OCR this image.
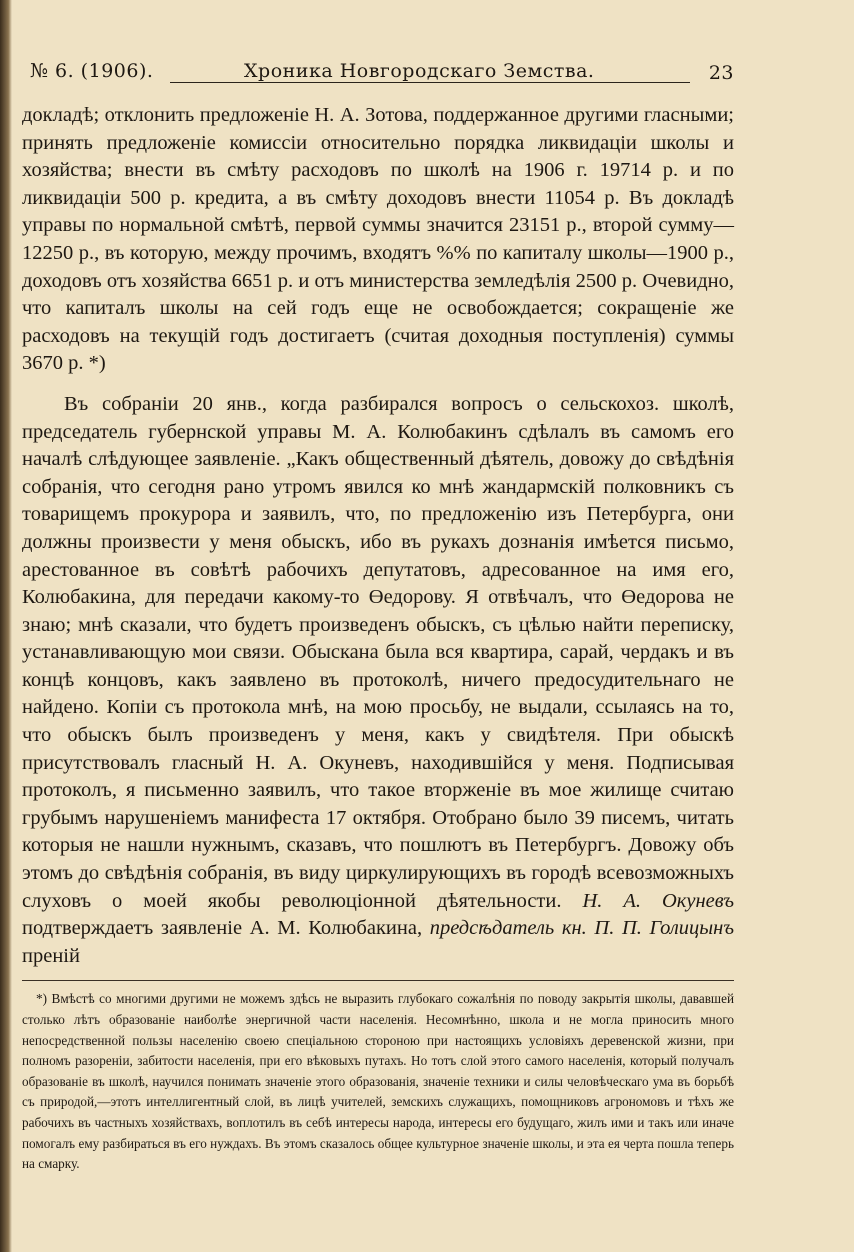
№ 6. (1906).	Хроника Новгородскаго Земства.	23

докладѣ; отклонить предложенiе Н. А. Зотова, поддержанное другими гласными; принять предложенiе комиссiи относительно порядка ликвидацiи школы и хозяйства; внести въ смѣту расходовъ по школѣ на 1906 г. 19714 р. и по ликвидацiи 500 р. кредита, а въ смѣту доходовъ внести 11054 р. Въ докладѣ управы по нормальной смѣтѣ, первой суммы значится 23151 р., второй сумму—12250 р., въ которую, между прочимъ, входятъ %% по капиталу школы—1900 р., доходовъ отъ хозяйства 6651 р. и отъ министерства земледѣлiя 2500 р. Очевидно, что капиталъ школы на сей годъ еще не освобождается; сокращенiе же расходовъ на текущiй годъ достигаетъ (считая доходныя поступленiя) суммы 3670 р. *)

Въ собранiи 20 янв., когда разбирался вопросъ о сельскохоз. школѣ, председатель губернской управы М. А. Колюбакинъ сдѣлалъ въ самомъ его началѣ слѣдующее заявленiе. „Какъ общественный дѣятель, довожу до свѣдѣнiя собранiя, что сегодня рано утромъ явился ко мнѣ жандармскiй полковникъ съ товарищемъ прокурора и заявилъ, что, по предложенiю изъ Петербурга, они должны произвести у меня обыскъ, ибо въ рукахъ дознанiя имѣется письмо, арестованное въ совѣтѣ рабочихъ депутатовъ, адресованное на имя его, Колюбакина, для передачи какому-то Өедорову. Я отвѣчалъ, что Өедорова не знаю; мнѣ сказали, что будетъ произведенъ обыскъ, съ цѣлью найти переписку, устанавливающую мои связи. Обыскана была вся квартира, сарай, чердакъ и въ концѣ концовъ, какъ заявлено въ протоколѣ, ничего предосудительнаго не найдено. Копiи съ протокола мнѣ, на мою просьбу, не выдали, ссылаясь на то, что обыскъ былъ произведенъ у меня, какъ у свидѣтеля. При обыскѣ присутствовалъ гласный Н. А. Окуневъ, находившiйся у меня. Подписывая протоколъ, я письменно заявилъ, что такое вторженiе въ мое жилище считаю грубымъ нарушенiемъ манифеста 17 октября. Отобрано было 39 писемъ, читать которыя не нашли нужнымъ, сказавъ, что пошлютъ въ Петербургъ. Довожу объ этомъ до свѣдѣнiя собранiя, въ виду циркулирующихъ въ городѣ всевозможныхъ слуховъ о моей якобы революцiонной дѣятельности. Н. А. Окуневъ подтверждаетъ заявленiе А. М. Колюбакина, предсѣдатель кн. П. П. Голицынъ преній

*) Вмѣстѣ со многими другими не можемъ здѣсь не выразить глубокаго сожалѣнiя по поводу закрытiя школы, дававшей столько лѣтъ образованiе наиболѣе энергичной части населенiя. Несомнѣнно, школа и не могла приносить много непосредственной пользы населенiю своею спецiальною стороною при настоящихъ условiяхъ деревенской жизни, при полномъ разоренiи, забитости населенiя, при его вѣковыхъ путахъ. Но тотъ слой этого самого населенiя, который получалъ образованiе въ школѣ, научился понимать значенiе этого образованiя, значенiе техники и силы человѣческаго ума въ борьбѣ съ природой,—этотъ интеллигентный слой, въ лицѣ учителей, земскихъ служащихъ, помощниковъ агрономовъ и тѣхъ же рабочихъ въ частныхъ хозяйствахъ, воплотилъ въ себѣ интересы народа, интересы его будущаго, жилъ ими и такъ или иначе помогалъ ему разбираться въ его нуждахъ. Въ этомъ сказалось общее культурное значенiе школы, и эта ея черта пошла теперь на смарку.
